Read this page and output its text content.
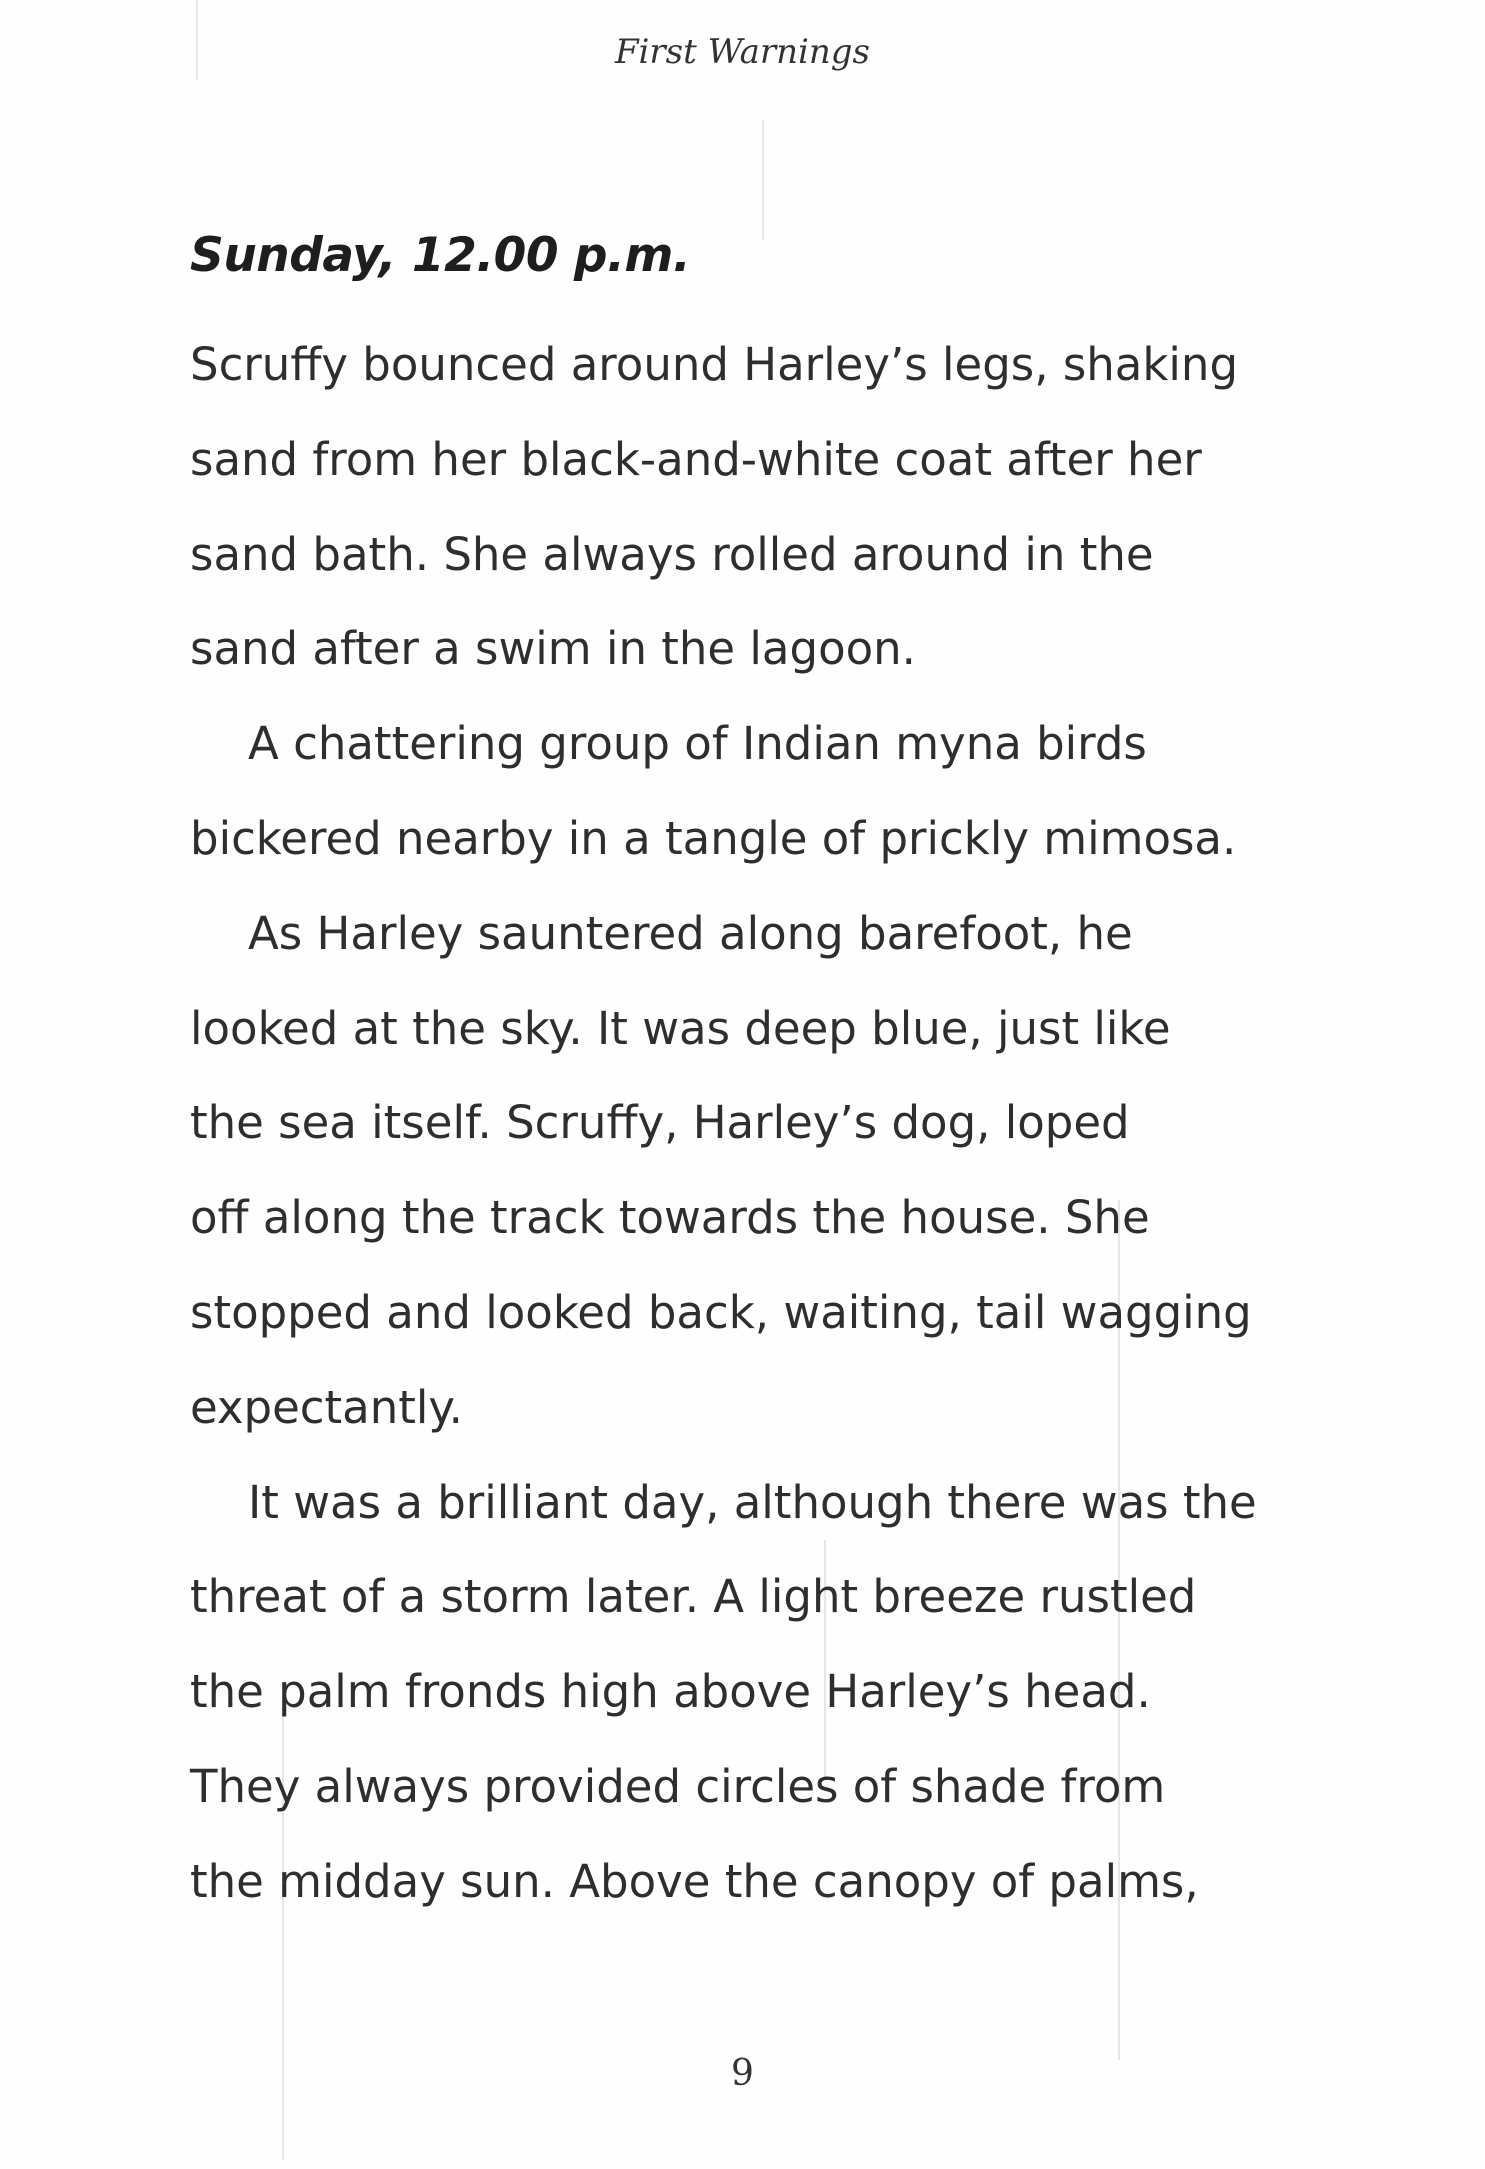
First Warnings
Sunday, 12.00 p.m.
Scruffy bounced around Harley’s legs, shaking
sand from her black-and-white coat after her
sand bath. She always rolled around in the
sand after a swim in the lagoon.
A chattering group of Indian myna birds
bickered nearby in a tangle of prickly mimosa.
As Harley sauntered along barefoot, he
looked at the sky. It was deep blue, just like
the sea itself. Scruffy, Harley’s dog, loped
off along the track towards the house. She
stopped and looked back, waiting, tail wagging
expectantly.
It was a brilliant day, although there was the
threat of a storm later. A light breeze rustled
the palm fronds high above Harley’s head.
They always provided circles of shade from
the midday sun. Above the canopy of palms,
9
